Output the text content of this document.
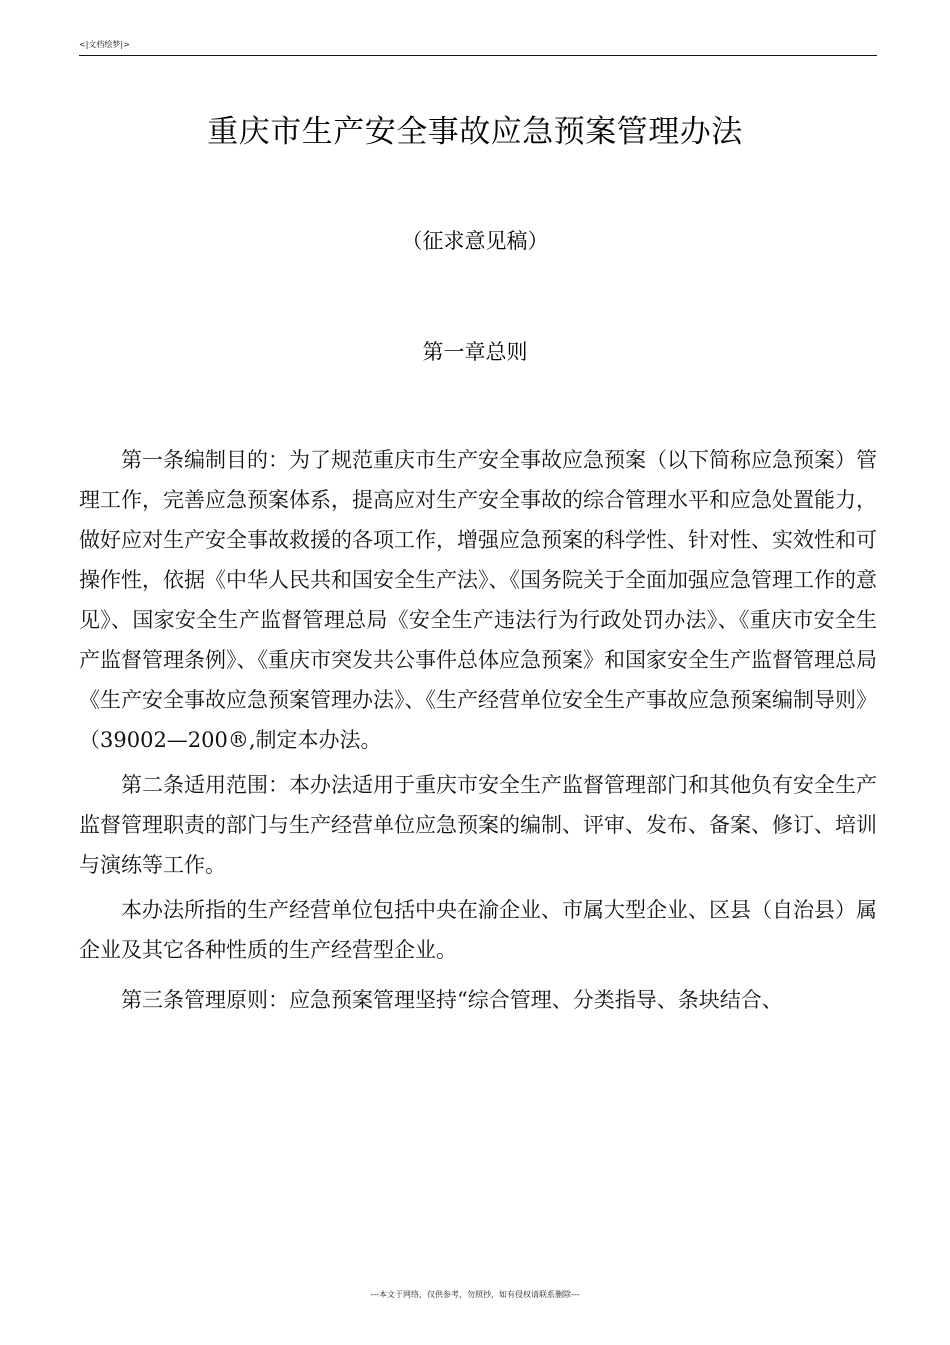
<|文档绘梦|>
重庆市生产安全事故应急预案管理办法
（征求意见稿）
第一章总则

第一条编制目的：为了规范重庆市生产安全事故应急预案（以下简称应急预案）管理工作，完善应急预案体系，提高应对生产安全事故的综合管理水平和应急处置能力，做好应对生产安全事故救援的各项工作，增强应急预案的科学性、针对性、实效性和可操作性，依据《中华人民共和国安全生产法》、《国务院关于全面加强应急管理工作的意见》、国家安全生产监督管理总局《安全生产违法行为行政处罚办法》、《重庆市安全生产监督管理条例》、《重庆市突发共公事件总体应急预案》和国家安全生产监督管理总局《生产安全事故应急预案管理办法》、《生产经营单位安全生产事故应急预案编制导则》（39002—200®,制定本办法。

第二条适用范围：本办法适用于重庆市安全生产监督管理部门和其他负有安全生产监督管理职责的部门与生产经营单位应急预案的编制、评审、发布、备案、修订、培训与演练等工作。

本办法所指的生产经营单位包括中央在渝企业、市属大型企业、区县（自治县）属企业及其它各种性质的生产经营型企业。

第三条管理原则：应急预案管理坚持“综合管理、分类指导、条块结合、

---本文于网络，仅供参考，勿照抄，如有侵权请联系删除---
